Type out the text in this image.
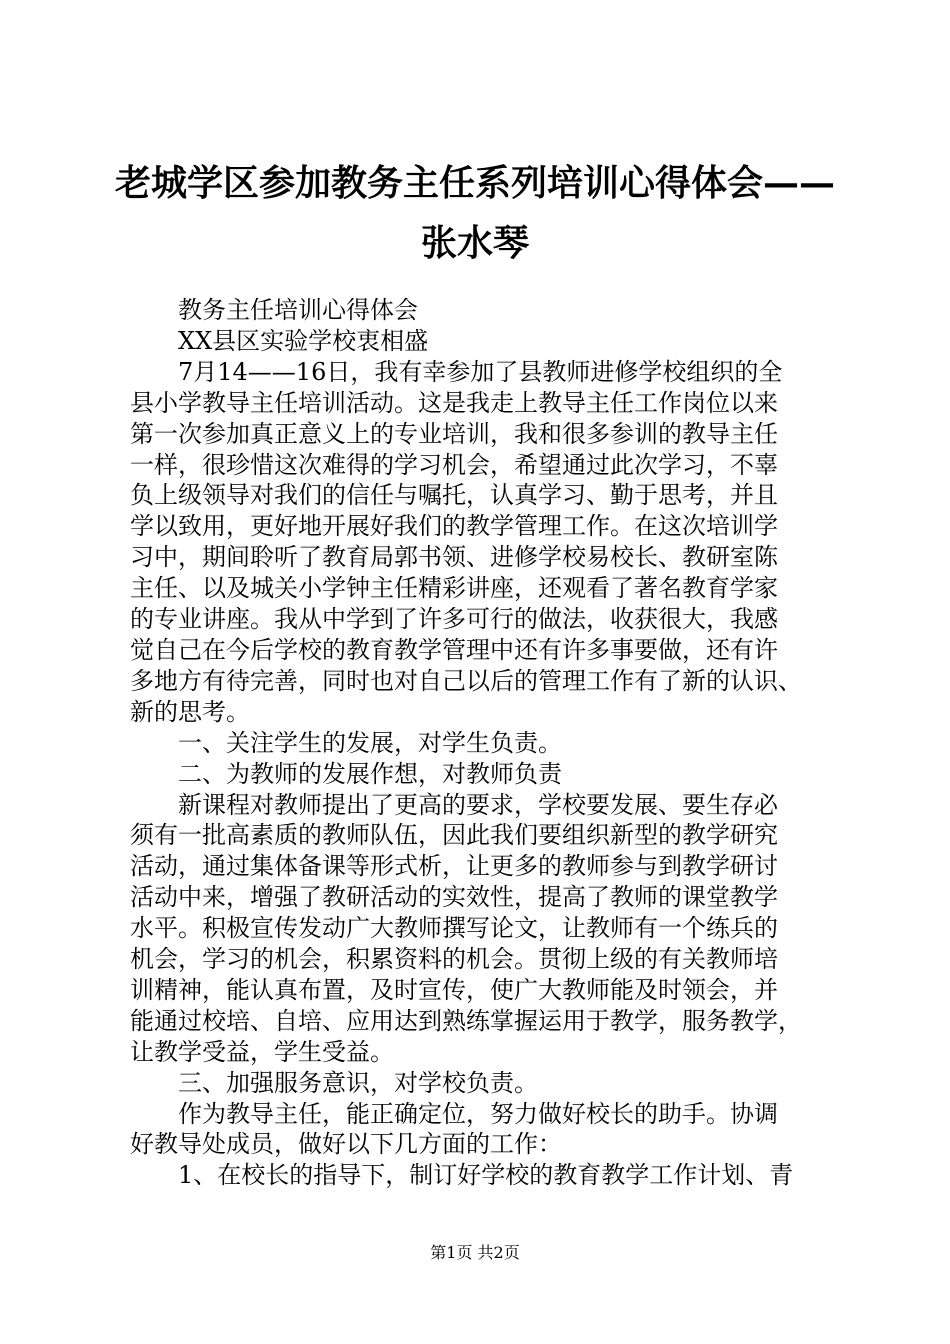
老城学区参加教务主任系列培训心得体会——
张水琴

教务主任培训心得体会

XX县区实验学校衷相盛

7月14——16日，我有幸参加了县教师进修学校组织的全

县小学教导主任培训活动。这是我走上教导主任工作岗位以来

第一次参加真正意义上的专业培训，我和很多参训的教导主任

一样，很珍惜这次难得的学习机会，希望通过此次学习，不辜

负上级领导对我们的信任与嘱托，认真学习、勤于思考，并且

学以致用，更好地开展好我们的教学管理工作。在这次培训学

习中，期间聆听了教育局郭书领、进修学校易校长、教研室陈

主任、以及城关小学钟主任精彩讲座，还观看了著名教育学家

的专业讲座。我从中学到了许多可行的做法，收获很大，我感

觉自己在今后学校的教育教学管理中还有许多事要做，还有许

多地方有待完善，同时也对自己以后的管理工作有了新的认识、

新的思考。

一、关注学生的发展，对学生负责。

二、为教师的发展作想，对教师负责

新课程对教师提出了更高的要求，学校要发展、要生存必

须有一批高素质的教师队伍，因此我们要组织新型的教学研究

活动，通过集体备课等形式析，让更多的教师参与到教学研讨

活动中来，增强了教研活动的实效性，提高了教师的课堂教学

水平。积极宣传发动广大教师撰写论文，让教师有一个练兵的

机会，学习的机会，积累资料的机会。贯彻上级的有关教师培

训精神，能认真布置，及时宣传，使广大教师能及时领会，并

能通过校培、自培、应用达到熟练掌握运用于教学，服务教学，

让教学受益，学生受益。

三、加强服务意识，对学校负责。

作为教导主任，能正确定位，努力做好校长的助手。协调

好教导处成员，做好以下几方面的工作：

1、在校长的指导下，制订好学校的教育教学工作计划、青

第1页 共2页
